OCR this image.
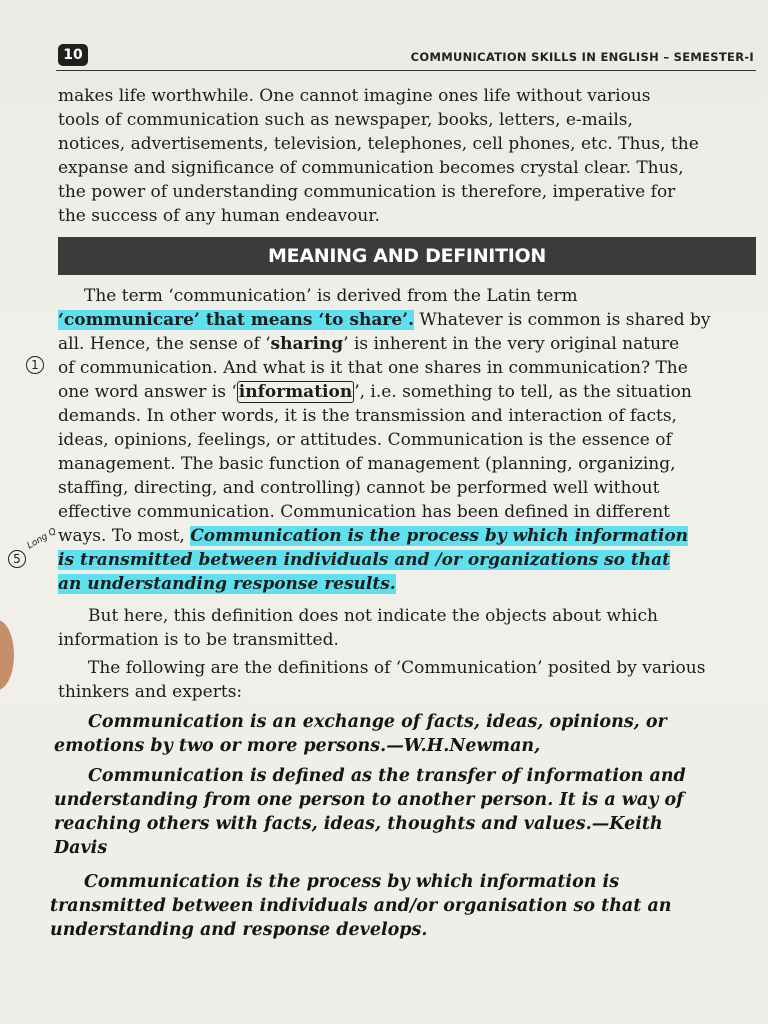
10	COMMUNICATION SKILLS IN ENGLISH – SEMESTER-I
makes life worthwhile. One cannot imagine ones life without various
tools of communication such as newspaper, books, letters, e-mails,
notices, advertisements, television, telephones, cell phones, etc. Thus, the
expanse and significance of communication becomes crystal clear. Thus,
the power of understanding communication is therefore, imperative for
the success of any human endeavour.
MEANING AND DEFINITION
1
5
Long Q
The term ‘communication’ is derived from the Latin term
‘communicare’ that means ‘to share’. Whatever is common is shared by
all. Hence, the sense of ‘sharing’ is inherent in the very original nature
of communication. And what is it that one shares in communication? The
one word answer is ‘ information ’, i.e. something to tell, as the situation
demands. In other words, it is the transmission and interaction of facts,
ideas, opinions, feelings, or attitudes. Communication is the essence of
management. The basic function of management (planning, organizing,
staffing, directing, and controlling) cannot be performed well without
effective communication. Communication has been defined in different
ways. To most, Communication is the process by which information
is transmitted between individuals and /or organizations so that
an understanding response results.
But here, this definition does not indicate the objects about which
information is to be transmitted.
The following are the definitions of ‘Communication’ posited by various
thinkers and experts:
Communication is an exchange of facts, ideas, opinions, or
emotions by two or more persons.—W.H.Newman,
Communication is defined as the transfer of information and
understanding from one person to another person. It is a way of
reaching others with facts, ideas, thoughts and values.—Keith
Davis
Communication is the process by which information is
transmitted between individuals and/or organisation so that an
understanding and response develops.
